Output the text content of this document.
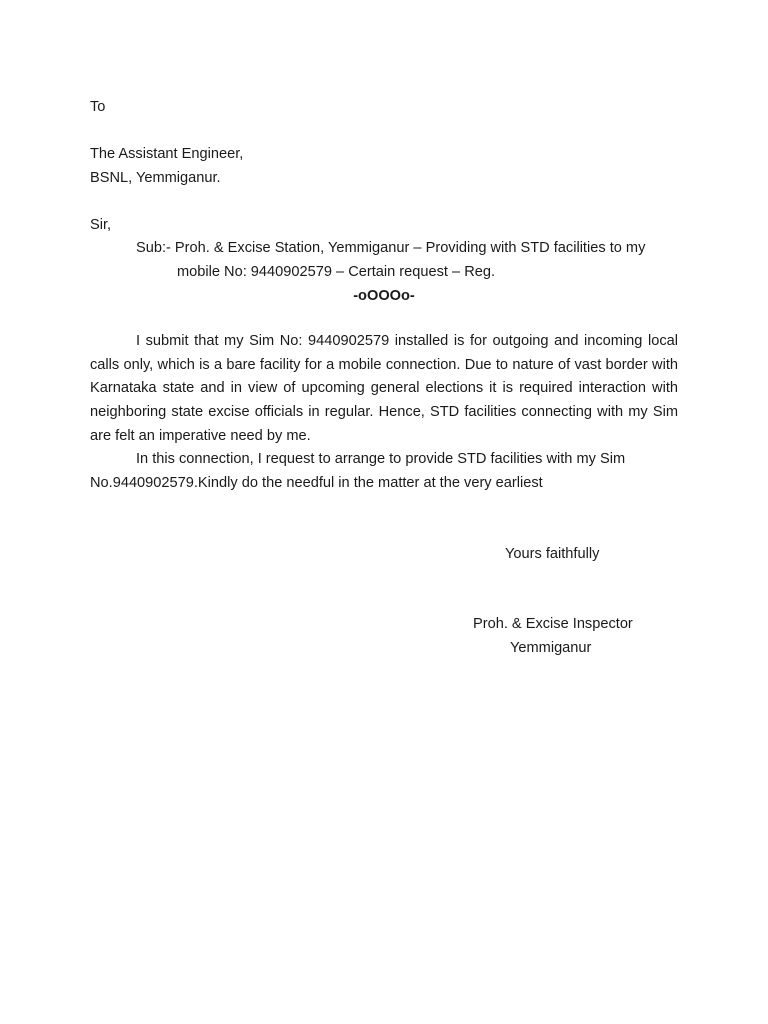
To
The Assistant Engineer,
BSNL, Yemmiganur.
Sir,
Sub:- Proh. & Excise Station, Yemmiganur – Providing with STD facilities to my
mobile No: 9440902579 – Certain request – Reg.
-oOOOo-
I submit that my Sim No: 9440902579 installed is for outgoing and incoming local calls only, which is a bare facility for a mobile connection. Due to nature of vast border with Karnataka state and in view of upcoming general elections it is required interaction with neighboring state excise officials in regular. Hence, STD facilities connecting with my Sim are felt an imperative need by me.
In this connection, I request to arrange to provide STD facilities with my Sim No.9440902579.Kindly do the needful in the matter at the very earliest
Yours faithfully
Proh. & Excise Inspector
Yemmiganur
